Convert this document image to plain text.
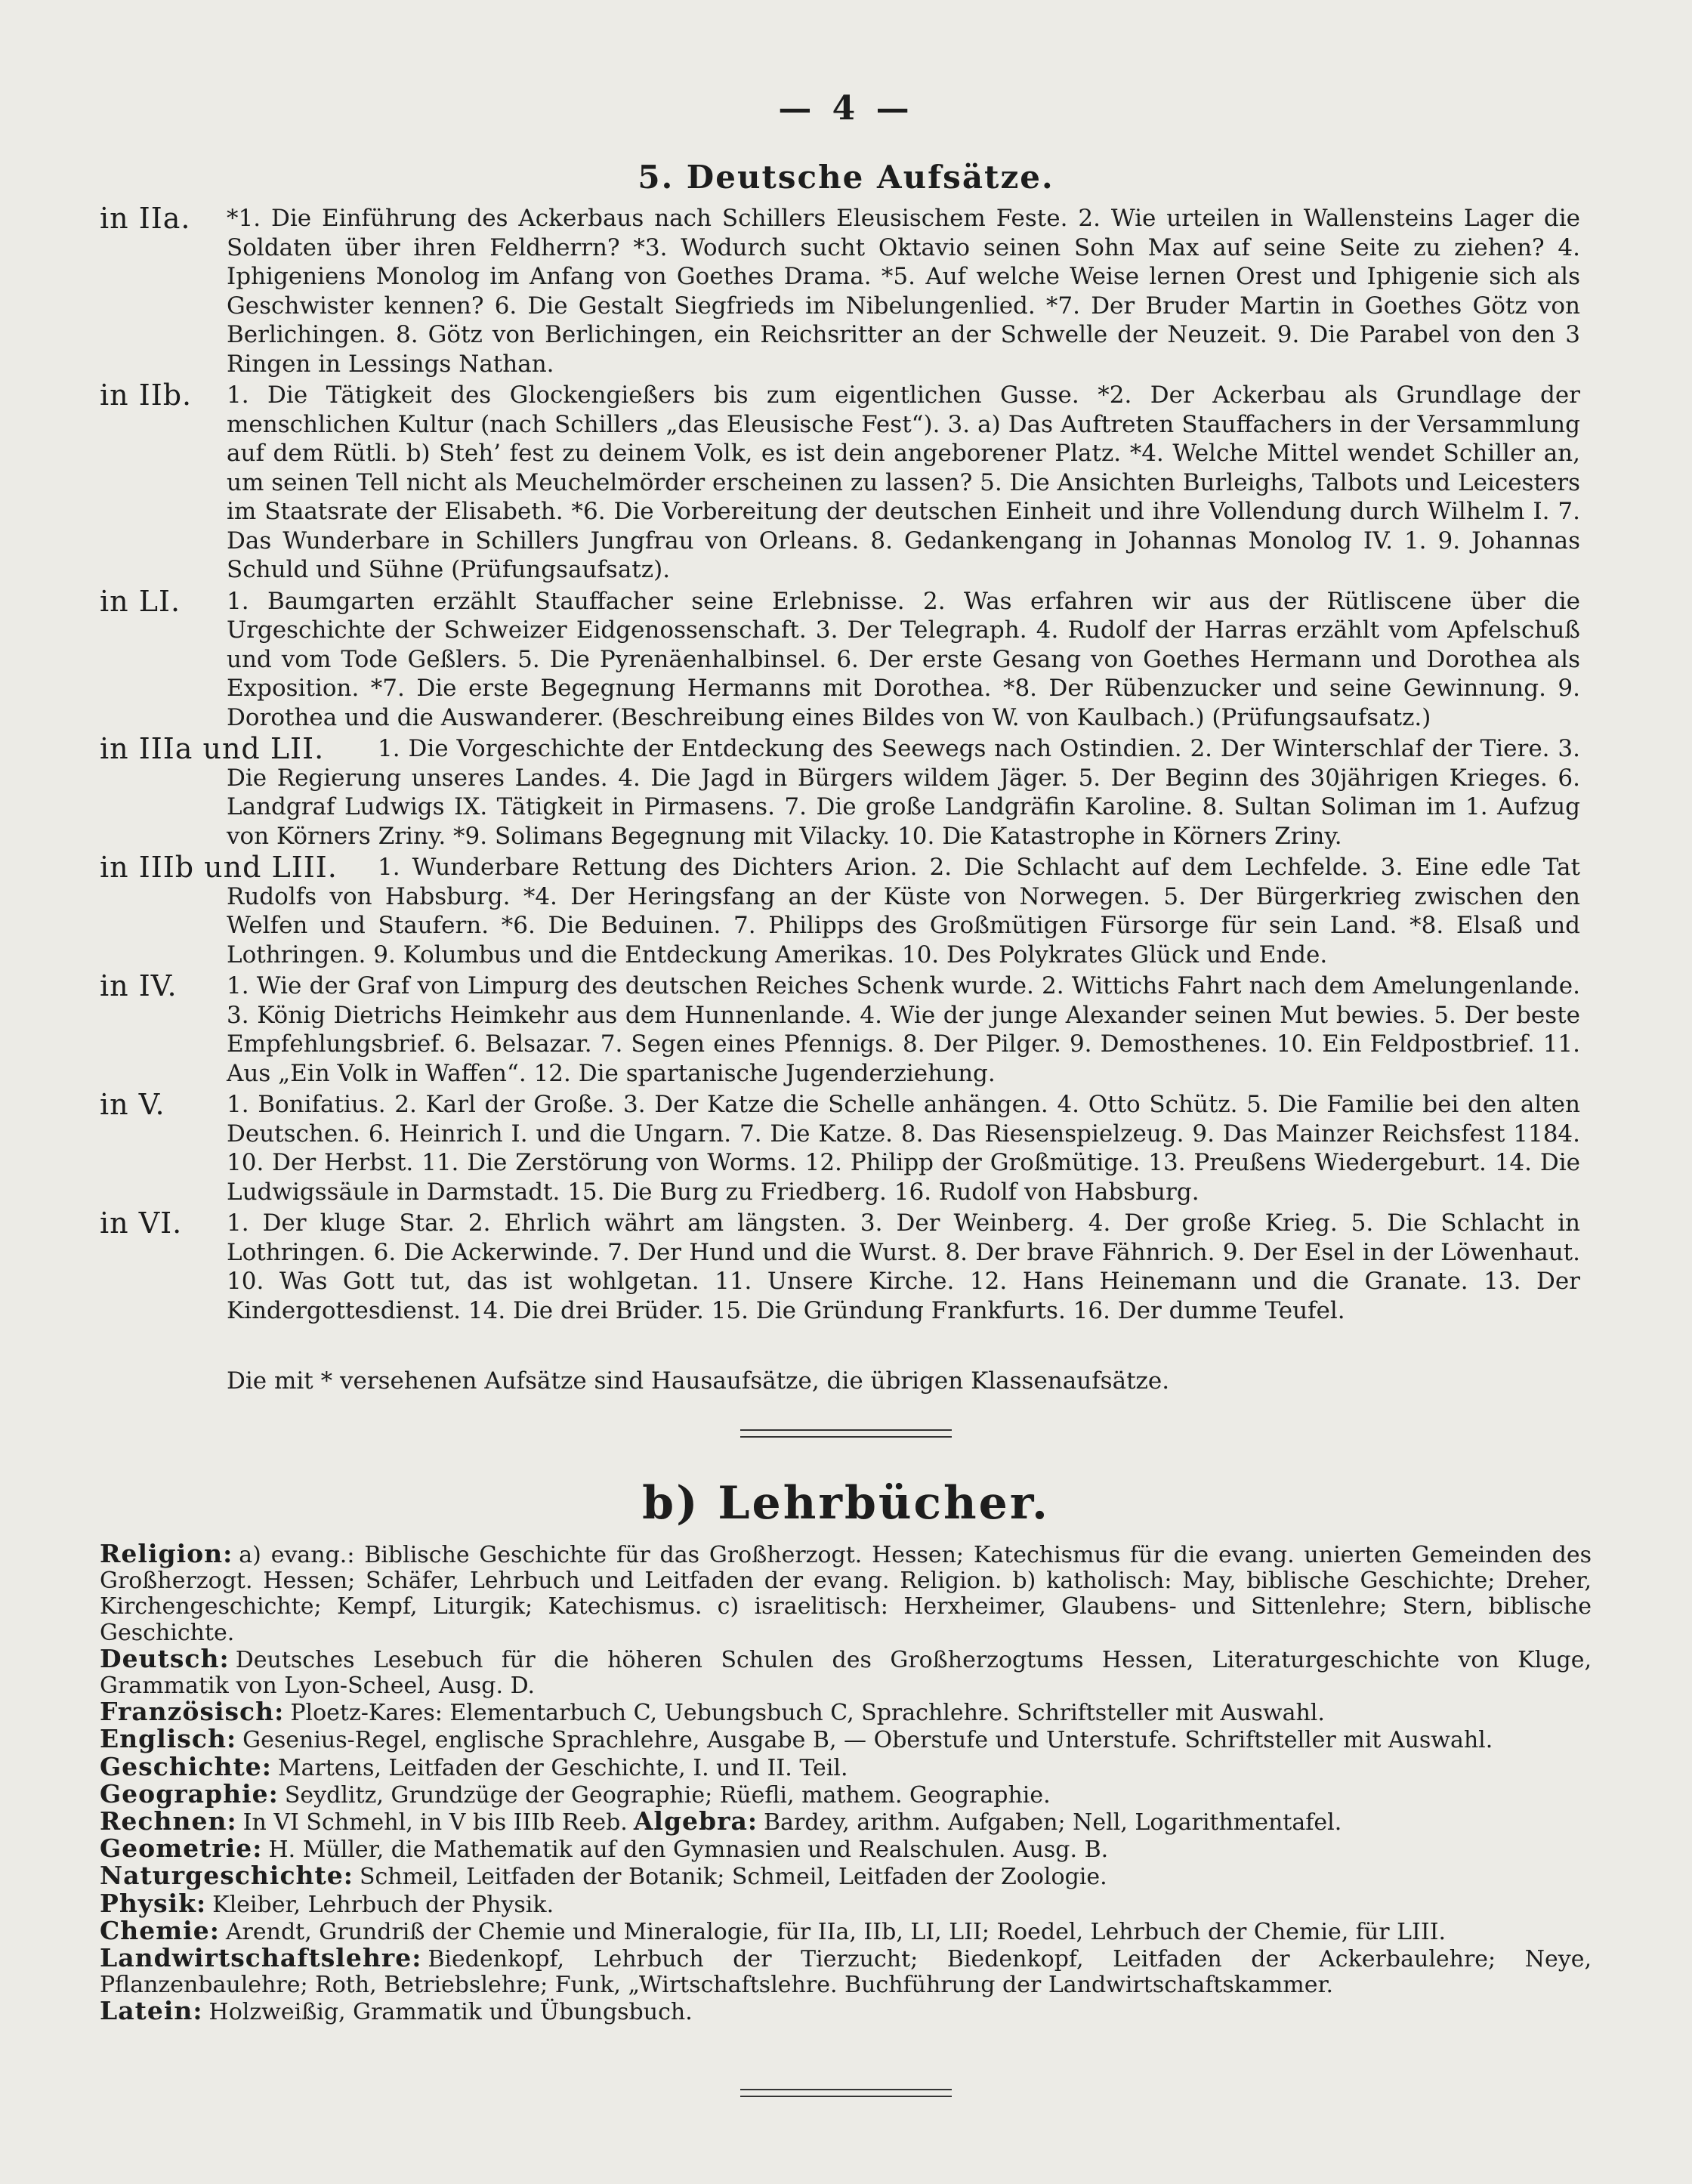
— 4 —
5. Deutsche Aufsätze.
in IIa.	*1. Die Einführung des Ackerbaus nach Schillers Eleusischem Feste. 2. Wie urteilen in Wallensteins Lager die Soldaten über ihren Feldherrn? *3. Wodurch sucht Oktavio seinen Sohn Max auf seine Seite zu ziehen? 4. Iphigeniens Monolog im Anfang von Goethes Drama. *5. Auf welche Weise lernen Orest und Iphigenie sich als Geschwister kennen? 6. Die Gestalt Siegfrieds im Nibelungenlied. *7. Der Bruder Martin in Goethes Götz von Berlichingen. 8. Götz von Berlichingen, ein Reichsritter an der Schwelle der Neuzeit. 9. Die Parabel von den 3 Ringen in Lessings Nathan.
in IIb.	1. Die Tätigkeit des Glockengießers bis zum eigentlichen Gusse. *2. Der Ackerbau als Grundlage der menschlichen Kultur (nach Schillers „das Eleusische Fest“). 3. a) Das Auftreten Stauffachers in der Versammlung auf dem Rütli. b) Steh’ fest zu deinem Volk, es ist dein angeborener Platz. *4. Welche Mittel wendet Schiller an, um seinen Tell nicht als Meuchelmörder erscheinen zu lassen? 5. Die Ansichten Burleighs, Talbots und Leicesters im Staatsrate der Elisabeth. *6. Die Vorbereitung der deutschen Einheit und ihre Vollendung durch Wilhelm I. 7. Das Wunderbare in Schillers Jungfrau von Orleans. 8. Gedankengang in Johannas Monolog IV. 1. 9. Johannas Schuld und Sühne (Prüfungsaufsatz).
in LI.	1. Baumgarten erzählt Stauffacher seine Erlebnisse. 2. Was erfahren wir aus der Rütliscene über die Urgeschichte der Schweizer Eidgenossenschaft. 3. Der Telegraph. 4. Rudolf der Harras erzählt vom Apfelschuß und vom Tode Geßlers. 5. Die Pyrenäenhalbinsel. 6. Der erste Gesang von Goethes Hermann und Dorothea als Exposition. *7. Die erste Begegnung Hermanns mit Dorothea. *8. Der Rübenzucker und seine Gewinnung. 9. Dorothea und die Auswanderer. (Beschreibung eines Bildes von W. von Kaulbach.) (Prüfungsaufsatz.)
in IIIa und LII.	1. Die Vorgeschichte der Entdeckung des Seewegs nach Ostindien. 2. Der Winterschlaf der Tiere. 3. Die Regierung unseres Landes. 4. Die Jagd in Bürgers wildem Jäger. 5. Der Beginn des 30jährigen Krieges. 6. Landgraf Ludwigs IX. Tätigkeit in Pirmasens. 7. Die große Landgräfin Karoline. 8. Sultan Soliman im 1. Aufzug von Körners Zriny. *9. Solimans Begegnung mit Vilacky. 10. Die Katastrophe in Körners Zriny.
in IIIb und LIII.	1. Wunderbare Rettung des Dichters Arion. 2. Die Schlacht auf dem Lechfelde. 3. Eine edle Tat Rudolfs von Habsburg. *4. Der Heringsfang an der Küste von Norwegen. 5. Der Bürgerkrieg zwischen den Welfen und Staufern. *6. Die Beduinen. 7. Philipps des Großmütigen Fürsorge für sein Land. *8. Elsaß und Lothringen. 9. Kolumbus und die Entdeckung Amerikas. 10. Des Polykrates Glück und Ende.
in IV.	1. Wie der Graf von Limpurg des deutschen Reiches Schenk wurde. 2. Wittichs Fahrt nach dem Amelungenlande. 3. König Dietrichs Heimkehr aus dem Hunnenlande. 4. Wie der junge Alexander seinen Mut bewies. 5. Der beste Empfehlungsbrief. 6. Belsazar. 7. Segen eines Pfennigs. 8. Der Pilger. 9. Demosthenes. 10. Ein Feldpostbrief. 11. Aus „Ein Volk in Waffen“. 12. Die spartanische Jugenderziehung.
in V.	1. Bonifatius. 2. Karl der Große. 3. Der Katze die Schelle anhängen. 4. Otto Schütz. 5. Die Familie bei den alten Deutschen. 6. Heinrich I. und die Ungarn. 7. Die Katze. 8. Das Riesenspielzeug. 9. Das Mainzer Reichsfest 1184. 10. Der Herbst. 11. Die Zerstörung von Worms. 12. Philipp der Großmütige. 13. Preußens Wiedergeburt. 14. Die Ludwigssäule in Darmstadt. 15. Die Burg zu Friedberg. 16. Rudolf von Habsburg.
in VI.	1. Der kluge Star. 2. Ehrlich währt am längsten. 3. Der Weinberg. 4. Der große Krieg. 5. Die Schlacht in Lothringen. 6. Die Ackerwinde. 7. Der Hund und die Wurst. 8. Der brave Fähnrich. 9. Der Esel in der Löwenhaut. 10. Was Gott tut, das ist wohlgetan. 11. Unsere Kirche. 12. Hans Heinemann und die Granate. 13. Der Kindergottesdienst. 14. Die drei Brüder. 15. Die Gründung Frankfurts. 16. Der dumme Teufel.
Die mit * versehenen Aufsätze sind Hausaufsätze, die übrigen Klassenaufsätze.
b) Lehrbücher.
Religion: a) evang.: Biblische Geschichte für das Großherzogt. Hessen; Katechismus für die evang. unierten Gemeinden des Großherzogt. Hessen; Schäfer, Lehrbuch und Leitfaden der evang. Religion. b) katholisch: May, biblische Geschichte; Dreher, Kirchengeschichte; Kempf, Liturgik; Katechismus. c) israelitisch: Herxheimer, Glaubens- und Sittenlehre; Stern, biblische Geschichte.
Deutsch: Deutsches Lesebuch für die höheren Schulen des Großherzogtums Hessen, Literaturgeschichte von Kluge, Grammatik von Lyon-Scheel, Ausg. D.
Französisch: Ploetz-Kares: Elementarbuch C, Uebungsbuch C, Sprachlehre. Schriftsteller mit Auswahl.
Englisch: Gesenius-Regel, englische Sprachlehre, Ausgabe B, — Oberstufe und Unterstufe. Schriftsteller mit Auswahl.
Geschichte: Martens, Leitfaden der Geschichte, I. und II. Teil.
Geographie: Seydlitz, Grundzüge der Geographie; Rüefli, mathem. Geographie.
Rechnen: In VI Schmehl, in V bis IIIb Reeb. Algebra: Bardey, arithm. Aufgaben; Nell, Logarithmentafel.
Geometrie: H. Müller, die Mathematik auf den Gymnasien und Realschulen. Ausg. B.
Naturgeschichte: Schmeil, Leitfaden der Botanik; Schmeil, Leitfaden der Zoologie.
Physik: Kleiber, Lehrbuch der Physik.
Chemie: Arendt, Grundriß der Chemie und Mineralogie, für IIa, IIb, LI, LII; Roedel, Lehrbuch der Chemie, für LIII.
Landwirtschaftslehre: Biedenkopf, Lehrbuch der Tierzucht; Biedenkopf, Leitfaden der Ackerbaulehre; Neye, Pflanzenbaulehre; Roth, Betriebslehre; Funk, „Wirtschaftslehre. Buchführung der Landwirtschaftskammer.
Latein: Holzweißig, Grammatik und Übungsbuch.
